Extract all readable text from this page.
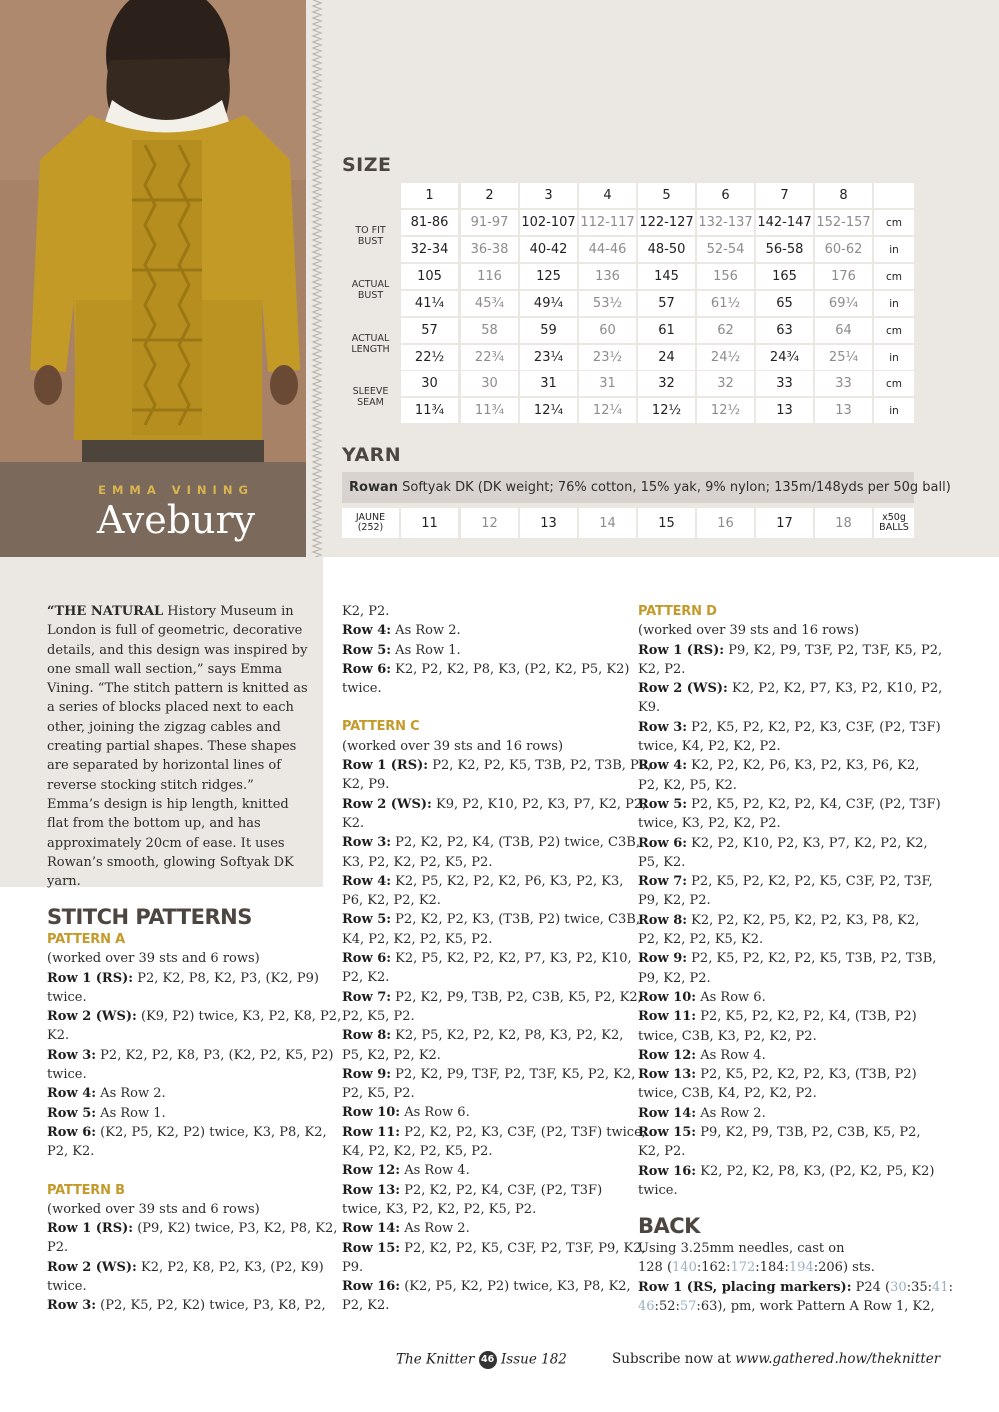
EMMA VINING
Avebury
SIZE
1	2	3	4	5	6	7	8
TO FIT BUST
81-86	91-97 102-107 112-117 122-127 132-137 142-147 152-157	cm
32-34	36-38	40-42	44-46	48-50	52-54	56-58	60-62	in
ACTUAL BUST
105	116	125	136	145	156	165	176	cm
41¼	45¾	49¼	53½	57	61½	65	69¼	in
ACTUAL LENGTH
57	58	59	60	61	62	63	64	cm
22½	22¾	23¼	23½	24	24½	24¾	25¼	in
SLEEVE SEAM
30	30	31	31	32	32	33	33	cm
11¾	11¾	12¼	12¼	12½	12½	13	13	in
YARN
Rowan Softyak DK (DK weight; 76% cotton, 15% yak, 9% nylon; 135m/148yds per 50g ball)
JAUNE
(252)	11	12	13	14	15	16	17	18	x50g
BALLS
“THE NATURAL History Museum in London is full of geometric, decorative details, and this design was inspired by one small wall section,” says Emma Vining. “The stitch pattern is knitted as a series of blocks placed next to each other, joining the zigzag cables and creating partial shapes. These shapes are separated by horizontal lines of reverse stocking stitch ridges.” Emma’s design is hip length, knitted flat from the bottom up, and has approximately 20cm of ease. It uses Rowan’s smooth, glowing Softyak DK yarn.
STITCH PATTERNS
PATTERN A
(worked over 39 sts and 6 rows)
Row 1 (RS): P2, K2, P8, K2, P3, (K2, P9)
twice.
Row 2 (WS): (K9, P2) twice, K3, P2, K8, P2,
K2.
Row 3: P2, K2, P2, K8, P3, (K2, P2, K5, P2)
twice.
Row 4: As Row 2.
Row 5: As Row 1.
Row 6: (K2, P5, K2, P2) twice, K3, P8, K2,
P2, K2.
PATTERN B
(worked over 39 sts and 6 rows)
Row 1 (RS): (P9, K2) twice, P3, K2, P8, K2,
P2.
Row 2 (WS): K2, P2, K8, P2, K3, (P2, K9)
twice.
Row 3: (P2, K5, P2, K2) twice, P3, K8, P2,
K2, P2.
Row 4: As Row 2.
Row 5: As Row 1.
Row 6: K2, P2, K2, P8, K3, (P2, K2, P5, K2)
twice.
PATTERN C
(worked over 39 sts and 16 rows)
Row 1 (RS): P2, K2, P2, K5, T3B, P2, T3B, P9,
K2, P9.
Row 2 (WS): K9, P2, K10, P2, K3, P7, K2, P2,
K2.
Row 3: P2, K2, P2, K4, (T3B, P2) twice, C3B,
K3, P2, K2, P2, K5, P2.
Row 4: K2, P5, K2, P2, K2, P6, K3, P2, K3,
P6, K2, P2, K2.
Row 5: P2, K2, P2, K3, (T3B, P2) twice, C3B,
K4, P2, K2, P2, K5, P2.
Row 6: K2, P5, K2, P2, K2, P7, K3, P2, K10,
P2, K2.
Row 7: P2, K2, P9, T3B, P2, C3B, K5, P2, K2,
P2, K5, P2.
Row 8: K2, P5, K2, P2, K2, P8, K3, P2, K2,
P5, K2, P2, K2.
Row 9: P2, K2, P9, T3F, P2, T3F, K5, P2, K2,
P2, K5, P2.
Row 10: As Row 6.
Row 11: P2, K2, P2, K3, C3F, (P2, T3F) twice,
K4, P2, K2, P2, K5, P2.
Row 12: As Row 4.
Row 13: P2, K2, P2, K4, C3F, (P2, T3F)
twice, K3, P2, K2, P2, K5, P2.
Row 14: As Row 2.
Row 15: P2, K2, P2, K5, C3F, P2, T3F, P9, K2,
P9.
Row 16: (K2, P5, K2, P2) twice, K3, P8, K2,
P2, K2.
PATTERN D
(worked over 39 sts and 16 rows)
Row 1 (RS): P9, K2, P9, T3F, P2, T3F, K5, P2,
K2, P2.
Row 2 (WS): K2, P2, K2, P7, K3, P2, K10, P2,
K9.
Row 3: P2, K5, P2, K2, P2, K3, C3F, (P2, T3F)
twice, K4, P2, K2, P2.
Row 4: K2, P2, K2, P6, K3, P2, K3, P6, K2,
P2, K2, P5, K2.
Row 5: P2, K5, P2, K2, P2, K4, C3F, (P2, T3F)
twice, K3, P2, K2, P2.
Row 6: K2, P2, K10, P2, K3, P7, K2, P2, K2,
P5, K2.
Row 7: P2, K5, P2, K2, P2, K5, C3F, P2, T3F,
P9, K2, P2.
Row 8: K2, P2, K2, P5, K2, P2, K3, P8, K2,
P2, K2, P2, K5, K2.
Row 9: P2, K5, P2, K2, P2, K5, T3B, P2, T3B,
P9, K2, P2.
Row 10: As Row 6.
Row 11: P2, K5, P2, K2, P2, K4, (T3B, P2)
twice, C3B, K3, P2, K2, P2.
Row 12: As Row 4.
Row 13: P2, K5, P2, K2, P2, K3, (T3B, P2)
twice, C3B, K4, P2, K2, P2.
Row 14: As Row 2.
Row 15: P9, K2, P9, T3B, P2, C3B, K5, P2,
K2, P2.
Row 16: K2, P2, K2, P8, K3, (P2, K2, P5, K2)
twice.
BACK
Using 3.25mm needles, cast on
128 (140:162:172:184:194:206) sts.
Row 1 (RS, placing markers): P24 (30:35:41:
46:52:57:63), pm, work Pattern A Row 1, K2,
The Knitter 46 Issue 182	Subscribe now at www.gathered.how/theknitter
